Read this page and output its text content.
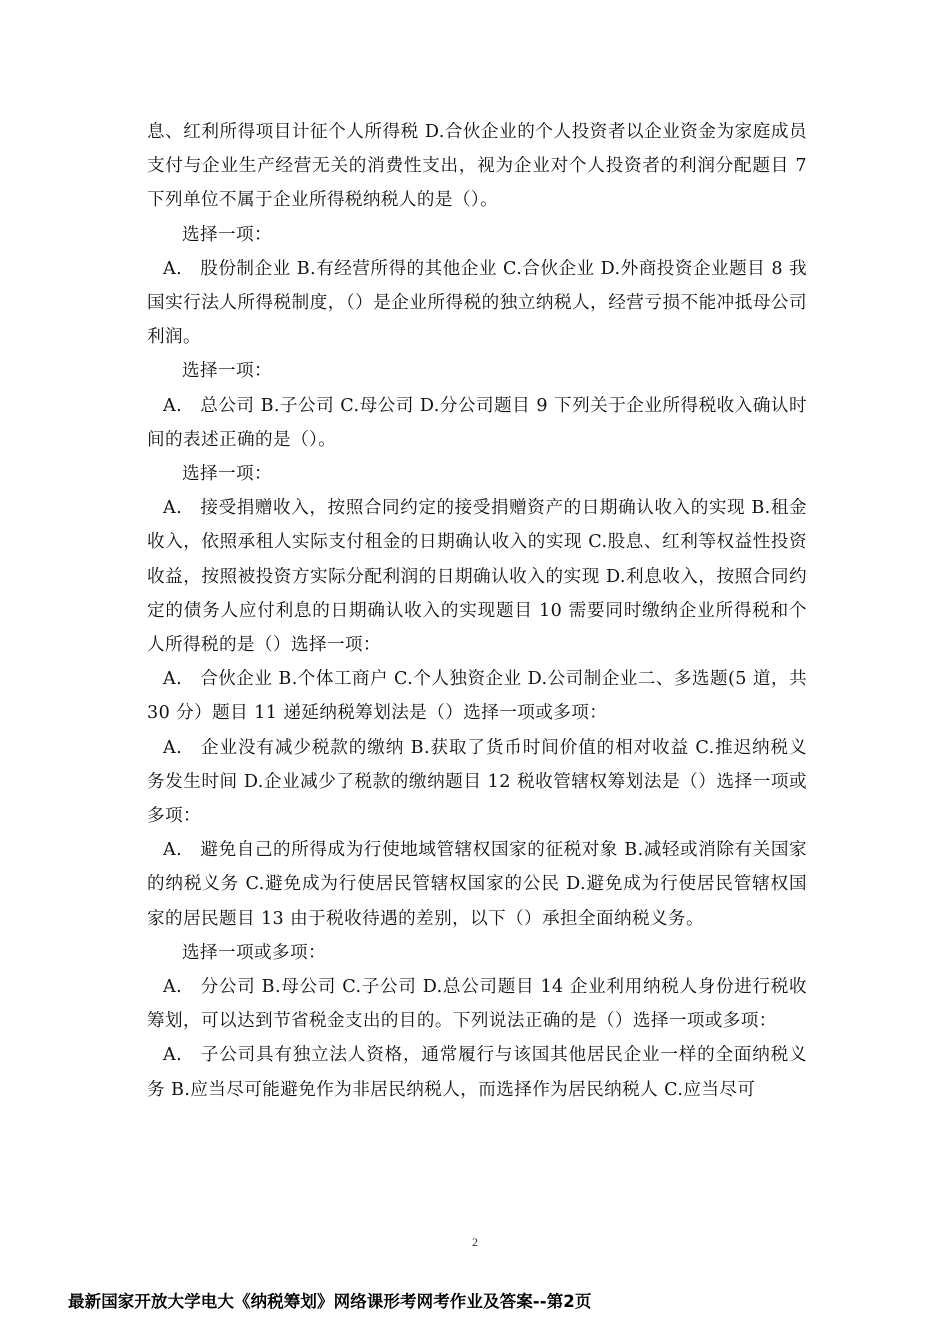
息、红利所得项目计征个人所得税 D.合伙企业的个人投资者以企业资金为家庭成员支付与企业生产经营无关的消费性支出，视为企业对个人投资者的利润分配题目 7 下列单位不属于企业所得税纳税人的是（）。

选择一项：

A.　股份制企业 B.有经营所得的其他企业 C.合伙企业 D.外商投资企业题目 8 我国实行法人所得税制度，（）是企业所得税的独立纳税人，经营亏损不能冲抵母公司利润。

选择一项：

A.　总公司 B.子公司 C.母公司 D.分公司题目 9 下列关于企业所得税收入确认时间的表述正确的是（）。

选择一项：

A.　接受捐赠收入，按照合同约定的接受捐赠资产的日期确认收入的实现 B.租金收入，依照承租人实际支付租金的日期确认收入的实现 C.股息、红利等权益性投资收益，按照被投资方实际分配利润的日期确认收入的实现 D.利息收入，按照合同约定的债务人应付利息的日期确认收入的实现题目 10 需要同时缴纳企业所得税和个人所得税的是（）选择一项：

A.　合伙企业 B.个体工商户 C.个人独资企业 D.公司制企业二、多选题(5 道，共 30 分）题目 11 递延纳税筹划法是（）选择一项或多项：

A.　企业没有减少税款的缴纳 B.获取了货币时间价值的相对收益 C.推迟纳税义务发生时间 D.企业减少了税款的缴纳题目 12 税收管辖权筹划法是（）选择一项或多项：

A.　避免自己的所得成为行使地域管辖权国家的征税对象 B.减轻或消除有关国家的纳税义务 C.避免成为行使居民管辖权国家的公民 D.避免成为行使居民管辖权国家的居民题目 13 由于税收待遇的差别，以下（）承担全面纳税义务。

选择一项或多项：

A.　分公司 B.母公司 C.子公司 D.总公司题目 14 企业利用纳税人身份进行税收筹划，可以达到节省税金支出的目的。下列说法正确的是（）选择一项或多项：

A.　子公司具有独立法人资格，通常履行与该国其他居民企业一样的全面纳税义务 B.应当尽可能避免作为非居民纳税人，而选择作为居民纳税人 C.应当尽可

2
最新国家开放大学电大《纳税筹划》网络课形考网考作业及答案--第2页
